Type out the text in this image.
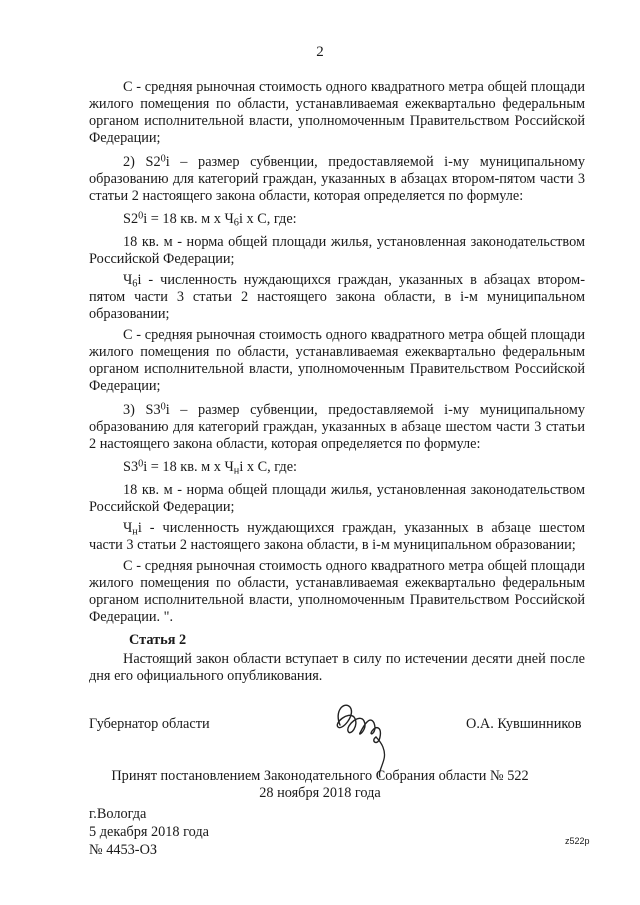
2

С - средняя рыночная стоимость одного квадратного метра общей площади жилого помещения по области, устанавливаемая ежеквартально федеральным органом исполнительной власти, уполномоченным Правительством Российской Федерации;

2) $S2^0i$ – размер субвенции, предоставляемой i-му муниципальному образованию для категорий граждан, указанных в абзацах втором-пятом части 3 статьи 2 настоящего закона области, которая определяется по формуле:

$S2^0i = 18$ кв. м х $Ч_6i$ х С, где:

18 кв. м - норма общей площади жилья, установленная законодательством Российской Федерации;

$Ч_6i$ - численность нуждающихся граждан, указанных в абзацах втором-пятом части 3 статьи 2 настоящего закона области, в i-м муниципальном образовании;

С - средняя рыночная стоимость одного квадратного метра общей площади жилого помещения по области, устанавливаемая ежеквартально федеральным органом исполнительной власти, уполномоченным Правительством Российской Федерации;

3) $S3^0i$ – размер субвенции, предоставляемой i-му муниципальному образованию для категорий граждан, указанных в абзаце шестом части 3 статьи 2 настоящего закона области, которая определяется по формуле:

$S3^0i = 18$ кв. м х $Ч_нi$ х С, где:

18 кв. м - норма общей площади жилья, установленная законодательством Российской Федерации;

$Ч_нi$ - численность нуждающихся граждан, указанных в абзаце шестом части 3 статьи 2 настоящего закона области, в i-м муниципальном образовании;

С - средняя рыночная стоимость одного квадратного метра общей площади жилого помещения по области, устанавливаемая ежеквартально федеральным органом исполнительной власти, уполномоченным Правительством Российской Федерации. ".

Статья 2

Настоящий закон области вступает в силу по истечении десяти дней после дня его официального опубликования.

Губернатор области	О.А. Кувшинников
Принят постановлением Законодательного Собрания области № 522
28 ноября 2018 года
г.Вологда
5 декабря 2018 года
№ 4453-ОЗ
z522p
